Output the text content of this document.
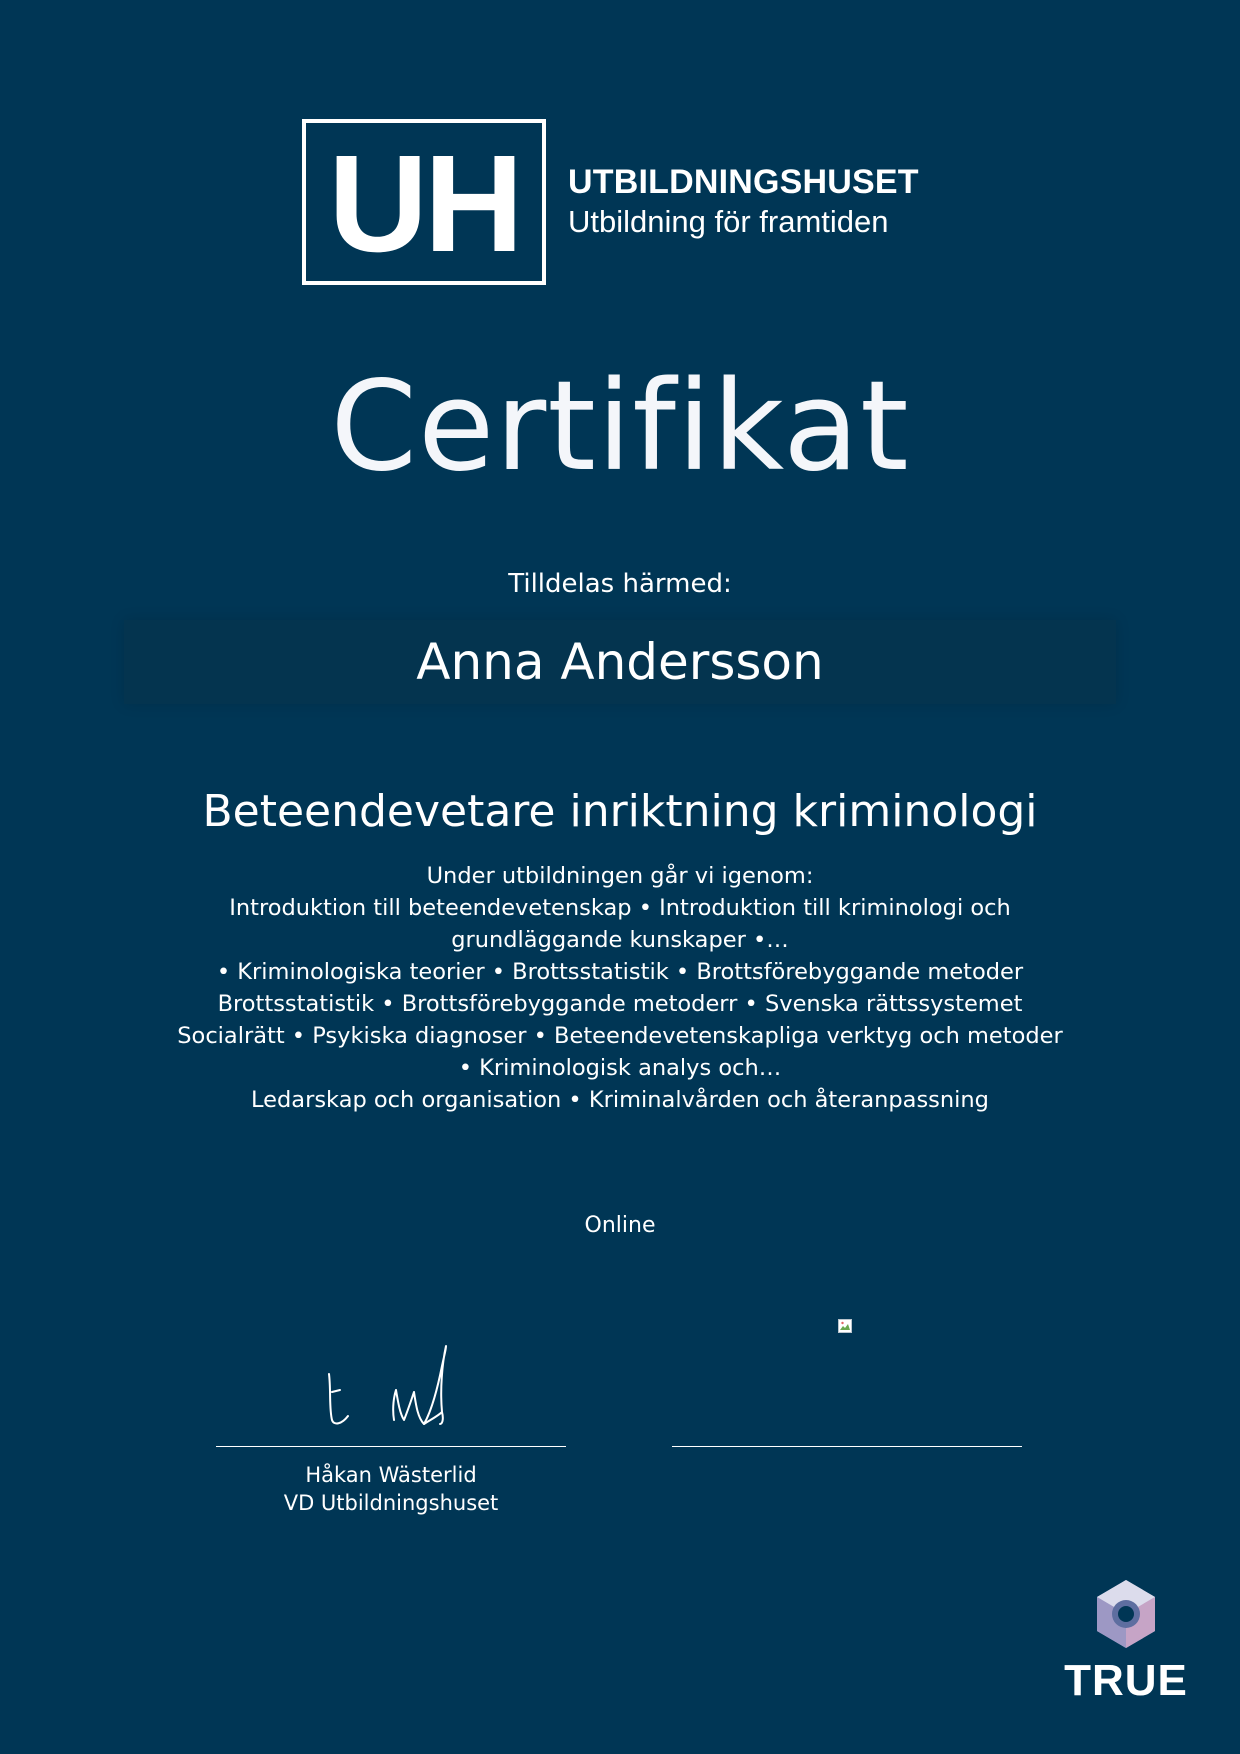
UH UTBILDNINGSHUSET
Utbildning för framtiden
Certifikat
Tilldelas härmed:
Anna Andersson
Beteendevetare inriktning kriminologi
Under utbildningen går vi igenom:
Introduktion till beteendevetenskap • Introduktion till kriminologi och
grundläggande kunskaper •…
• Kriminologiska teorier • Brottsstatistik • Brottsförebyggande metoder
Brottsstatistik • Brottsförebyggande metoderr • Svenska rättssystemet
Socialrätt • Psykiska diagnoser • Beteendevetenskapliga verktyg och metoder
• Kriminologisk analys och…
Ledarskap och organisation • Kriminalvården och återanpassning
Online
Håkan Wästerlid
VD Utbildningshuset
TRUE
